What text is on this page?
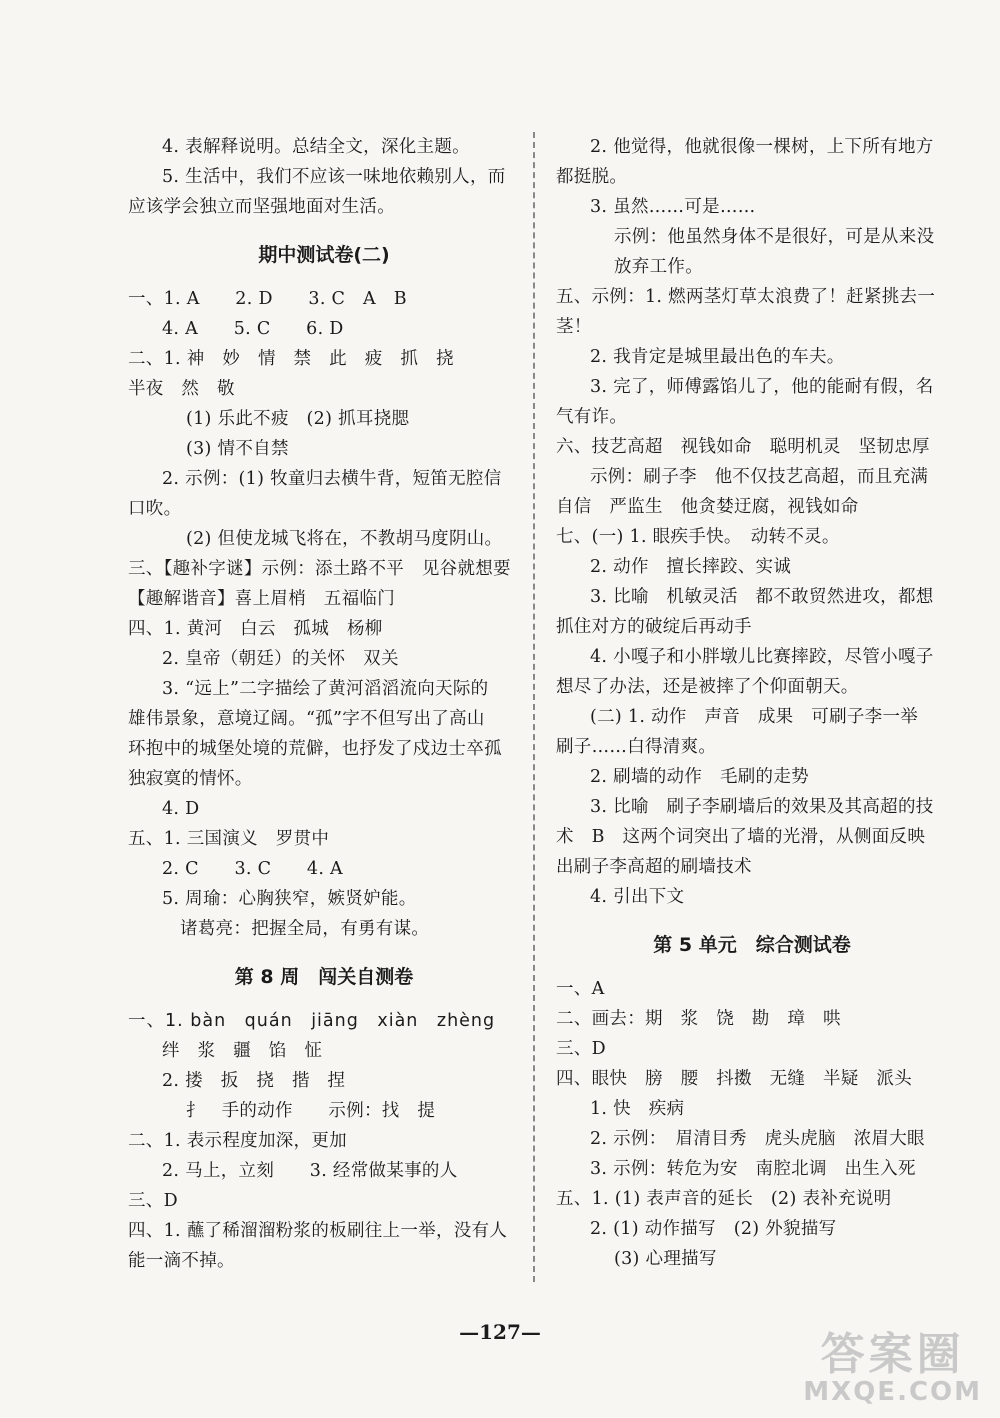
4. 表解释说明。总结全文，深化主题。
5. 生活中，我们不应该一味地依赖别人，而
应该学会独立而坚强地面对生活。
期中测试卷(二)
一、1. A　　2. D　　3. C　A　B
4. A　　5. C　　6. D
二、1. 神　妙　情　禁　此　疲　抓　挠
半夜　然　敬
(1) 乐此不疲　(2) 抓耳挠腮
(3) 情不自禁
2. 示例：(1) 牧童归去横牛背，短笛无腔信
口吹。
(2) 但使龙城飞将在，不教胡马度阴山。
三、【趣补字谜】示例：添土路不平　见谷就想要
【趣解谐音】喜上眉梢　五福临门
四、1. 黄河　白云　孤城　杨柳
2. 皇帝（朝廷）的关怀　双关
3. “远上”二字描绘了黄河滔滔流向天际的
雄伟景象，意境辽阔。“孤”字不但写出了高山
环抱中的城堡处境的荒僻，也抒发了戍边士卒孤
独寂寞的情怀。
4. D
五、1. 三国演义　罗贯中
2. C　　3. C　　4. A
5. 周瑜：心胸狭窄，嫉贤妒能。
诸葛亮：把握全局，有勇有谋。
第 8 周　闯关自测卷
一、1. bàn　quán　jiāng　xiàn　zhèng
绊　浆　疆　馅　怔
2. 搂　扳　挠　揩　捏
扌　手的动作　　示例：找　提
二、1. 表示程度加深，更加
2. 马上，立刻　　3. 经常做某事的人
三、D
四、1. 蘸了稀溜溜粉浆的板刷往上一举，没有人
能一滴不掉。
2. 他觉得，他就很像一棵树，上下所有地方
都挺脱。
3. 虽然……可是……
示例：他虽然身体不是很好，可是从来没
放弃工作。
五、示例：1. 燃两茎灯草太浪费了！赶紧挑去一
茎！
2. 我肯定是城里最出色的车夫。
3. 完了，师傅露馅儿了，他的能耐有假，名
气有诈。
六、技艺高超　视钱如命　聪明机灵　坚韧忠厚
示例：刷子李　他不仅技艺高超，而且充满
自信　严监生　他贪婪迂腐，视钱如命
七、(一) 1. 眼疾手快。　动转不灵。
2. 动作　擅长摔跤、实诚
3. 比喻　机敏灵活　都不敢贸然进攻，都想
抓住对方的破绽后再动手
4. 小嘎子和小胖墩儿比赛摔跤，尽管小嘎子
想尽了办法，还是被摔了个仰面朝天。
(二) 1. 动作　声音　成果　可刷子李一举
刷子……白得清爽。
2. 刷墙的动作　毛刷的走势
3. 比喻　刷子李刷墙后的效果及其高超的技
术　B　这两个词突出了墙的光滑，从侧面反映
出刷子李高超的刷墙技术
4. 引出下文
第 5 单元　综合测试卷
一、A
二、画去：期　浆　饶　勘　璋　哄
三、D
四、眼快　膀　腰　抖擞　无缝　半疑　派头
1. 快　疾病
2. 示例：　眉清目秀　虎头虎脑　浓眉大眼
3. 示例：转危为安　南腔北调　出生入死
五、1. (1) 表声音的延长　(2) 表补充说明
2. (1) 动作描写　(2) 外貌描写
(3) 心理描写
—127—	答案圈
MXQE.COM
